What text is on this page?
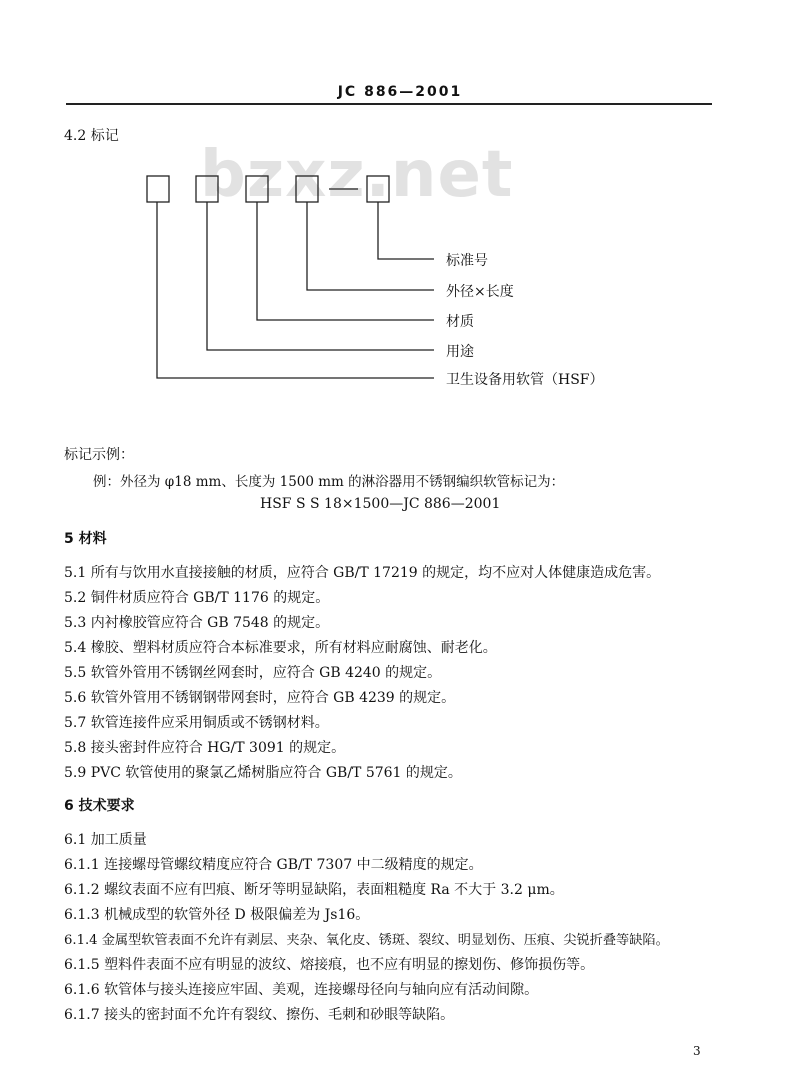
JC 886—2001
bzxz.net
4.2 标记
标准号
外径×长度
材质
用途
卫生设备用软管（HSF）
标记示例：
例：外径为 φ18 mm、长度为 1500 mm 的淋浴器用不锈钢编织软管标记为：
HSF S S 18×1500—JC 886—2001
5 材料
5.1 所有与饮用水直接接触的材质，应符合 GB/T 17219 的规定，均不应对人体健康造成危害。
5.2 铜件材质应符合 GB/T 1176 的规定。
5.3 内衬橡胶管应符合 GB 7548 的规定。
5.4 橡胶、塑料材质应符合本标准要求，所有材料应耐腐蚀、耐老化。
5.5 软管外管用不锈钢丝网套时，应符合 GB 4240 的规定。
5.6 软管外管用不锈钢钢带网套时，应符合 GB 4239 的规定。
5.7 软管连接件应采用铜质或不锈钢材料。
5.8 接头密封件应符合 HG/T 3091 的规定。
5.9 PVC 软管使用的聚氯乙烯树脂应符合 GB/T 5761 的规定。
6 技术要求
6.1 加工质量
6.1.1 连接螺母管螺纹精度应符合 GB/T 7307 中二级精度的规定。
6.1.2 螺纹表面不应有凹痕、断牙等明显缺陷，表面粗糙度 Ra 不大于 3.2 μm。
6.1.3 机械成型的软管外径 D 极限偏差为 Js16。
6.1.4 金属型软管表面不允许有剥层、夹杂、氧化皮、锈斑、裂纹、明显划伤、压痕、尖锐折叠等缺陷。
6.1.5 塑料件表面不应有明显的波纹、熔接痕，也不应有明显的擦划伤、修饰损伤等。
6.1.6 软管体与接头连接应牢固、美观，连接螺母径向与轴向应有活动间隙。
6.1.7 接头的密封面不允许有裂纹、擦伤、毛刺和砂眼等缺陷。
3
